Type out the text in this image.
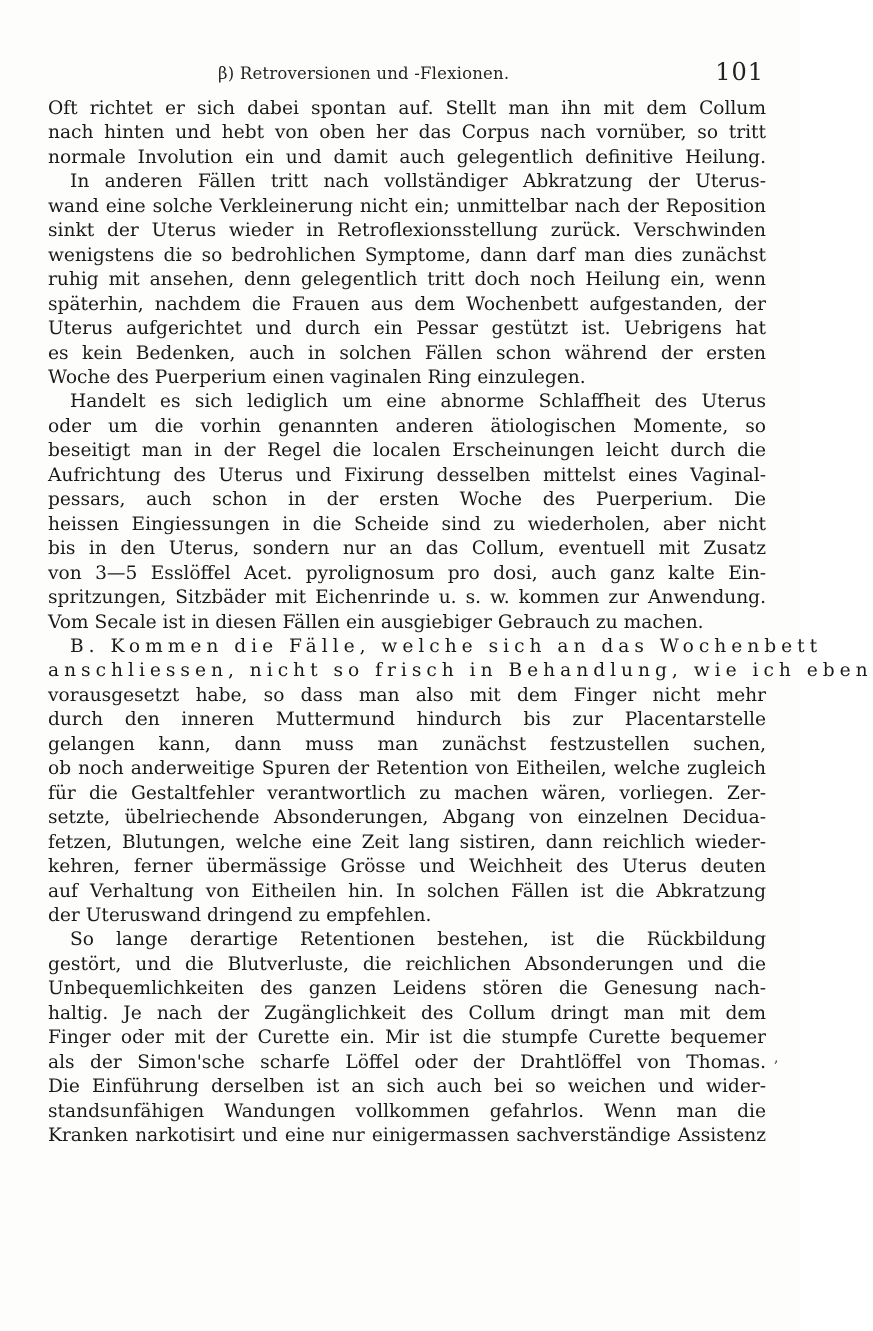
β) Retroversionen und -Flexionen.	101
Oft richtet er sich dabei spontan auf. Stellt man ihn mit dem Collum
nach hinten und hebt von oben her das Corpus nach vornüber, so tritt
normale Involution ein und damit auch gelegentlich definitive Heilung.
In anderen Fällen tritt nach vollständiger Abkratzung der Uterus-
wand eine solche Verkleinerung nicht ein; unmittelbar nach der Reposition
sinkt der Uterus wieder in Retroflexionsstellung zurück. Verschwinden
wenigstens die so bedrohlichen Symptome, dann darf man dies zunächst
ruhig mit ansehen, denn gelegentlich tritt doch noch Heilung ein, wenn
späterhin, nachdem die Frauen aus dem Wochenbett aufgestanden, der
Uterus aufgerichtet und durch ein Pessar gestützt ist. Uebrigens hat
es kein Bedenken, auch in solchen Fällen schon während der ersten
Woche des Puerperium einen vaginalen Ring einzulegen.
Handelt es sich lediglich um eine abnorme Schlaffheit des Uterus
oder um die vorhin genannten anderen ätiologischen Momente, so
beseitigt man in der Regel die localen Erscheinungen leicht durch die
Aufrichtung des Uterus und Fixirung desselben mittelst eines Vaginal-
pessars, auch schon in der ersten Woche des Puerperium. Die
heissen Eingiessungen in die Scheide sind zu wiederholen, aber nicht
bis in den Uterus, sondern nur an das Collum, eventuell mit Zusatz
von 3—5 Esslöffel Acet. pyrolignosum pro dosi, auch ganz kalte Ein-
spritzungen, Sitzbäder mit Eichenrinde u. s. w. kommen zur Anwendung.
Vom Secale ist in diesen Fällen ein ausgiebiger Gebrauch zu machen.
B. Kommen die Fälle, welche sich an das Wochenbett
anschliessen, nicht so frisch in Behandlung, wie ich eben
vorausgesetzt habe, so dass man also mit dem Finger nicht mehr
durch den inneren Muttermund hindurch bis zur Placentarstelle
gelangen kann, dann muss man zunächst festzustellen suchen,
ob noch anderweitige Spuren der Retention von Eitheilen, welche zugleich
für die Gestaltfehler verantwortlich zu machen wären, vorliegen. Zer-
setzte, übelriechende Absonderungen, Abgang von einzelnen Decidua-
fetzen, Blutungen, welche eine Zeit lang sistiren, dann reichlich wieder-
kehren, ferner übermässige Grösse und Weichheit des Uterus deuten
auf Verhaltung von Eitheilen hin. In solchen Fällen ist die Abkratzung
der Uteruswand dringend zu empfehlen.
So lange derartige Retentionen bestehen, ist die Rückbildung
gestört, und die Blutverluste, die reichlichen Absonderungen und die
Unbequemlichkeiten des ganzen Leidens stören die Genesung nach-
haltig. Je nach der Zugänglichkeit des Collum dringt man mit dem
Finger oder mit der Curette ein. Mir ist die stumpfe Curette bequemer
als der Simon'sche scharfe Löffel oder der Drahtlöffel von Thomas.
Die Einführung derselben ist an sich auch bei so weichen und wider-
standsunfähigen Wandungen vollkommen gefahrlos. Wenn man die
Kranken narkotisirt und eine nur einigermassen sachverständige Assistenz
,
